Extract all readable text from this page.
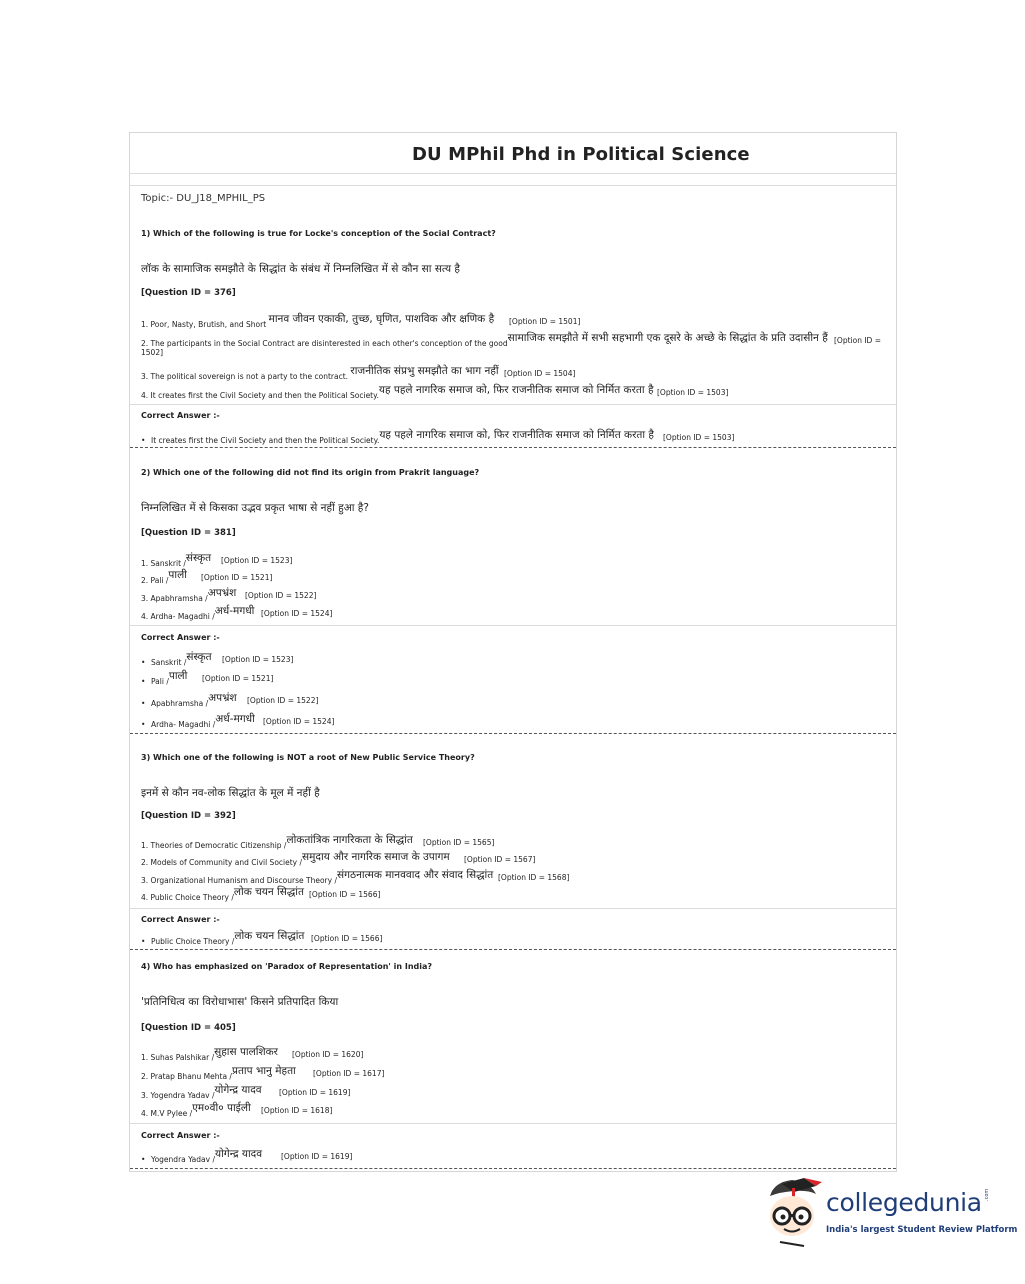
DU MPhil Phd in Political Science
Topic:- DU_J18_MPHIL_PS
1) Which of the following is true for Locke's conception of the Social Contract?
लॉक के सामाजिक समझौते के सिद्धांत के संबंध में निम्नलिखित में से कौन सा सत्य है
[Question ID = 376]
1. Poor, Nasty, Brutish, and Short मानव जीवन एकाकी, तुच्छ, घृणित, पाशविक और क्षणिक है [Option ID = 1501]
2. The participants in the Social Contract are disinterested in each other's conception of the goodसामाजिक समझौते में सभी सहभागी एक दूसरे के अच्छे के सिद्धांत के प्रति उदासीन हैं [Option ID =
1502]
3. The political sovereign is not a party to the contract. राजनीतिक संप्रभु समझौते का भाग नहीं [Option ID = 1504]
4. It creates first the Civil Society and then the Political Society.यह पहले नागरिक समाज को, फिर राजनीतिक समाज को निर्मित करता है [Option ID = 1503]
Correct Answer :-
• It creates first the Civil Society and then the Political Society.यह पहले नागरिक समाज को, फिर राजनीतिक समाज को निर्मित करता है [Option ID = 1503]
2) Which one of the following did not find its origin from Prakrit language?
निम्नलिखित में से किसका उद्भव प्रकृत भाषा से नहीं हुआ है?
[Question ID = 381]
1. Sanskrit /संस्कृत [Option ID = 1523]
2. Pali /पाली [Option ID = 1521]
3. Apabhramsha /अपभ्रंश [Option ID = 1522]
4. Ardha- Magadhi /अर्ध-मगधी [Option ID = 1524]
Correct Answer :-
• Sanskrit /संस्कृत [Option ID = 1523]
• Pali /पाली [Option ID = 1521]
• Apabhramsha /अपभ्रंश [Option ID = 1522]
• Ardha- Magadhi /अर्ध-मगधी [Option ID = 1524]
3) Which one of the following is NOT a root of New Public Service Theory?
इनमें से कौन नव-लोक सिद्धांत के मूल में नहीं है
[Question ID = 392]
1. Theories of Democratic Citizenship /लोकतांत्रिक नागरिकता के सिद्धांत [Option ID = 1565]
2. Models of Community and Civil Society /समुदाय और नागरिक समाज के उपागम [Option ID = 1567]
3. Organizational Humanism and Discourse Theory /संगठनात्मक मानववाद और संवाद सिद्धांत [Option ID = 1568]
4. Public Choice Theory /लोक चयन सिद्धांत [Option ID = 1566]
Correct Answer :-
• Public Choice Theory /लोक चयन सिद्धांत [Option ID = 1566]
4) Who has emphasized on 'Paradox of Representation' in India?
'प्रतिनिधित्व का विरोधाभास' किसने प्रतिपादित किया
[Question ID = 405]
1. Suhas Palshikar /सुहास पालशिकर [Option ID = 1620]
2. Pratap Bhanu Mehta /प्रताप भानु मेहता [Option ID = 1617]
3. Yogendra Yadav /योगेन्द्र यादव [Option ID = 1619]
4. M.V Pylee /एम०वी० पाईली [Option ID = 1618]
Correct Answer :-
• Yogendra Yadav /योगेन्द्र यादव	[Option ID = 1619]
collegedunia .com
India's largest Student Review Platform
